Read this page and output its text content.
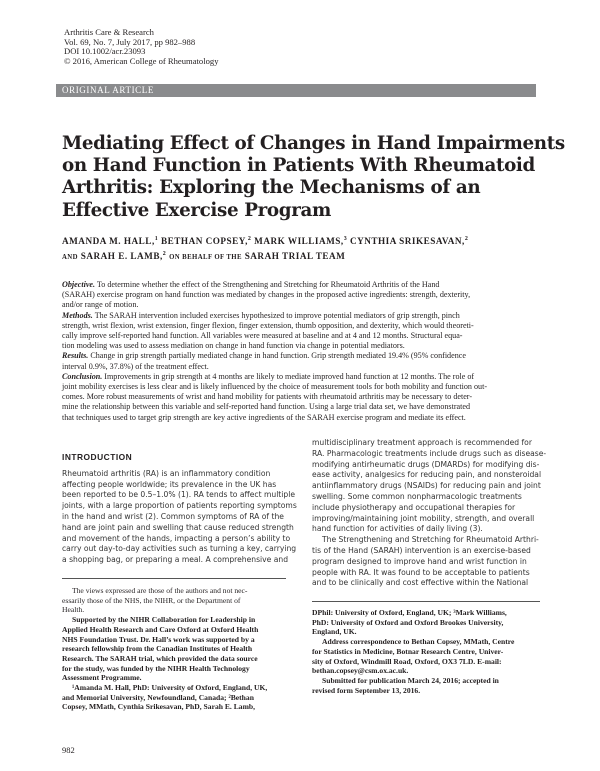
Arthritis Care & Research
Vol. 69, No. 7, July 2017, pp 982–988
DOI 10.1002/acr.23093
© 2016, American College of Rheumatology
ORIGINAL ARTICLE
Mediating Effect of Changes in Hand Impairments
on Hand Function in Patients With Rheumatoid
Arthritis: Exploring the Mechanisms of an
Effective Exercise Program
AMANDA M. HALL,$^1$ BETHAN COPSEY,$^2$ MARK WILLIAMS,$^3$ CYNTHIA SRIKESAVAN,$^2$
AND SARAH E. LAMB,$^2$ ON BEHALF OF THE SARAH TRIAL TEAM

Objective. To determine whether the effect of the Strengthening and Stretching for Rheumatoid Arthritis of the Hand
(SARAH) exercise program on hand function was mediated by changes in the proposed active ingredients: strength, dexterity,
and/or range of motion.

Methods. The SARAH intervention included exercises hypothesized to improve potential mediators of grip strength, pinch
strength, wrist flexion, wrist extension, finger flexion, finger extension, thumb opposition, and dexterity, which would theoreti-
cally improve self-reported hand function. All variables were measured at baseline and at 4 and 12 months. Structural equa-
tion modeling was used to assess mediation on change in hand function via change in potential mediators.

Results. Change in grip strength partially mediated change in hand function. Grip strength mediated 19.4% (95% confidence
interval 0.9%, 37.8%) of the treatment effect.

Conclusion. Improvements in grip strength at 4 months are likely to mediate improved hand function at 12 months. The role of
joint mobility exercises is less clear and is likely influenced by the choice of measurement tools for both mobility and function out-
comes. More robust measurements of wrist and hand mobility for patients with rheumatoid arthritis may be necessary to deter-
mine the relationship between this variable and self-reported hand function. Using a large trial data set, we have demonstrated
that techniques used to target grip strength are key active ingredients of the SARAH exercise program and mediate its effect.

INTRODUCTION
Rheumatoid arthritis (RA) is an inflammatory condition
affecting people worldwide; its prevalence in the UK has
been reported to be 0.5–1.0% (1). RA tends to affect multiple
joints, with a large proportion of patients reporting symptoms
in the hand and wrist (2). Common symptoms of RA of the
hand are joint pain and swelling that cause reduced strength
and movement of the hands, impacting a person’s ability to
carry out day-to-day activities such as turning a key, carrying
a shopping bag, or preparing a meal. A comprehensive and
multidisciplinary treatment approach is recommended for
RA. Pharmacologic treatments include drugs such as disease-
modifying antirheumatic drugs (DMARDs) for modifying dis-
ease activity, analgesics for reducing pain, and nonsteroidal
antiinflammatory drugs (NSAIDs) for reducing pain and joint
swelling. Some common nonpharmacologic treatments
include physiotherapy and occupational therapies for
improving/maintaining joint mobility, strength, and overall
hand function for activities of daily living (3).
The Strengthening and Stretching for Rheumatoid Arthri-
tis of the Hand (SARAH) intervention is an exercise-based
program designed to improve hand and wrist function in
people with RA. It was found to be acceptable to patients
and to be clinically and cost effective within the National
The views expressed are those of the authors and not nec-
essarily those of the NHS, the NIHR, or the Department of
Health.
Supported by the NIHR Collaboration for Leadership in
Applied Health Research and Care Oxford at Oxford Health
NHS Foundation Trust. Dr. Hall’s work was supported by a
research fellowship from the Canadian Institutes of Health
Research. The SARAH trial, which provided the data source
for the study, was funded by the NIHR Health Technology
Assessment Programme.
¹Amanda M. Hall, PhD: University of Oxford, England, UK,
and Memorial University, Newfoundland, Canada; ²Bethan
Copsey, MMath, Cynthia Srikesavan, PhD, Sarah E. Lamb,
DPhil: University of Oxford, England, UK; ³Mark Williams,
PhD: University of Oxford and Oxford Brookes University,
England, UK.
Address correspondence to Bethan Copsey, MMath, Centre
for Statistics in Medicine, Botnar Research Centre, Univer-
sity of Oxford, Windmill Road, Oxford, OX3 7LD. E-mail:
bethan.copsey@csm.ox.ac.uk.
Submitted for publication March 24, 2016; accepted in
revised form September 13, 2016.
982
